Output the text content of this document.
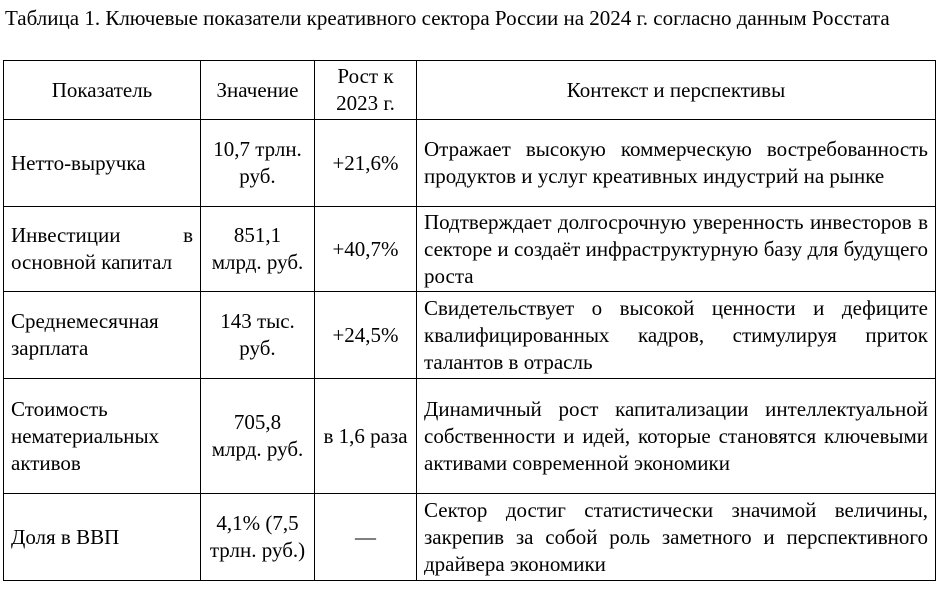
Таблица 1. Ключевые показатели креативного сектора России на 2024 г. согласно данным Росстата

Показатель	Значение	Рост к 2023 г.	Контекст и перспективы
Нетто-выручка	10,7 трлн. руб.	+21,6%	Отражает высокую коммерческую востребованность продуктов и услуг креативных индустрий на рынке
Инвестиции в основной капитал	851,1 млрд. руб.	+40,7%	Подтверждает долгосрочную уверенность инвесторов в секторе и создаёт инфраструктурную базу для будущего роста
Среднемесячная зарплата	143 тыс. руб.	+24,5%	Свидетельствует о высокой ценности и дефиците квалифицированных кадров, стимулируя приток талантов в отрасль
Стоимость нематериальных активов	705,8 млрд. руб.	в 1,6 раза	Динамичный рост капитализации интеллектуальной собственности и идей, которые становятся ключевыми активами современной экономики
Доля в ВВП	4,1% (7,5 трлн. руб.)	—	Сектор достиг статистически значимой величины, закрепив за собой роль заметного и перспективного драйвера экономики
